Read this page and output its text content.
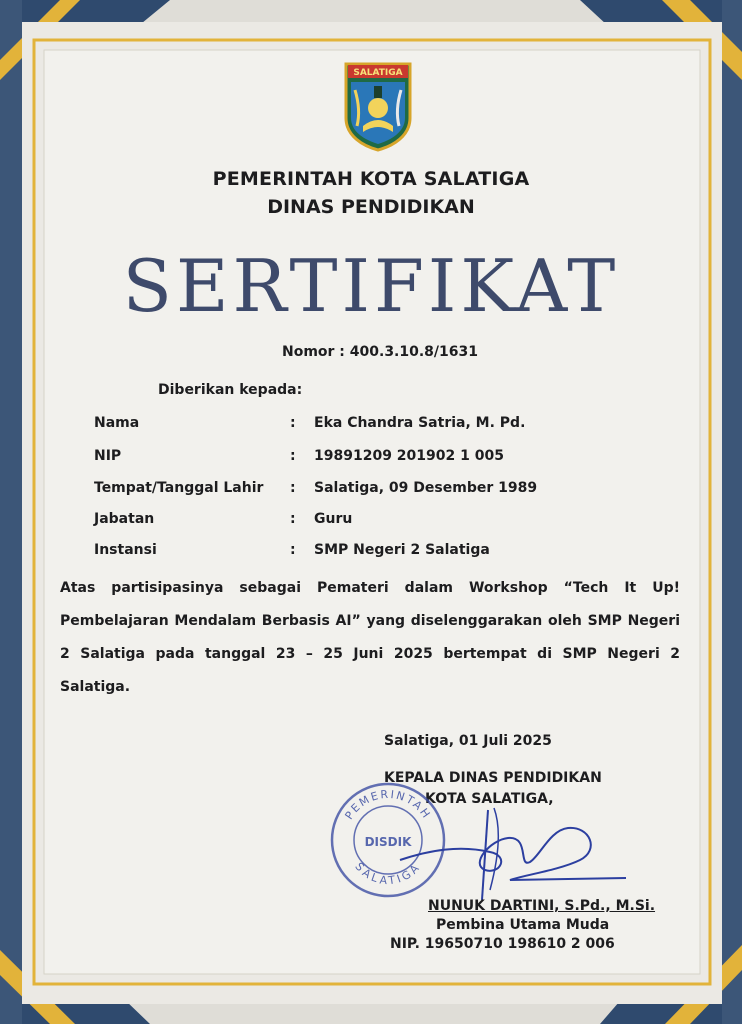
SALATIGA
PEMERINTAH KOTA SALATIGA
DINAS PENDIDIKAN
SERTIFIKAT
Nomor : 400.3.10.8/1631
Diberikan kepada:
Nama	: Eka Chandra Satria, M. Pd.
NIP	: 19891209 201902 1 005
Tempat/Tanggal Lahir : Salatiga, 09 Desember 1989
Jabatan	: Guru
Instansi	: SMP Negeri 2 Salatiga
Atas partisipasinya sebagai Pemateri dalam Workshop “Tech It Up! Pembelajaran Mendalam Berbasis AI” yang diselenggarakan oleh SMP Negeri 2 Salatiga pada tanggal 23 – 25 Juni 2025 bertempat di SMP Negeri 2 Salatiga.
Salatiga, 01 Juli 2025
KEPALA DINAS PENDIDIKAN
KOTA SALATIGA,
PEMERINTAH
DISDIK
SALATIGA
NUNUK DARTINI, S.Pd., M.Si.
Pembina Utama Muda
NIP. 19650710 198610 2 006
